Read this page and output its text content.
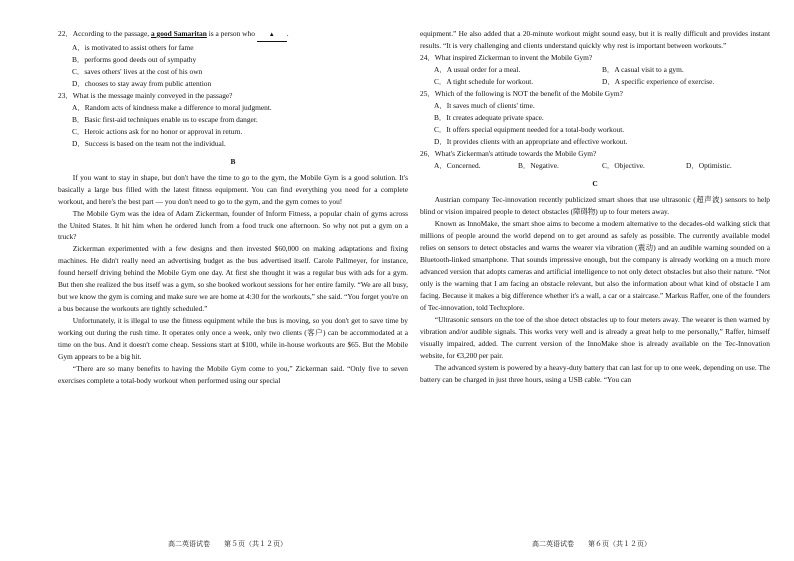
22．According to the passage, a good Samaritan is a person who ▲ .

A．is motivated to assist others for fame

B．performs good deeds out of sympathy

C．saves others' lives at the cost of his own

D．chooses to stay away from public attention

23．What is the message mainly conveyed in the passage?

A．Random acts of kindness make a difference to moral judgment.

B．Basic first-aid techniques enable us to escape from danger.

C．Heroic actions ask for no honor or approval in return.

D．Success is based on the team not the individual.

B

If you want to stay in shape, but don't have the time to go to the gym, the Mobile Gym is a good solution. It's basically a large bus filled with the latest fitness equipment. You can find everything you need for a complete workout, and here's the best part — you don't need to go to the gym, and the gym comes to you!

The Mobile Gym was the idea of Adam Zickerman, founder of Inform Fitness, a popular chain of gyms across the United States. It hit him when he ordered lunch from a food truck one afternoon. So why not put a gym on a truck?

Zickerman experimented with a few designs and then invested $60,000 on making adaptations and fixing machines. He didn't really need an advertising budget as the bus advertised itself. Carole Pallmeyer, for instance, found herself driving behind the Mobile Gym one day. At first she thought it was a regular bus with ads for a gym. But then she realized the bus itself was a gym, so she booked workout sessions for her entire family. “We are all busy, but we know the gym is coming and make sure we are home at 4:30 for the workouts,” she said. “You forget you're on a bus because the workouts are tightly scheduled.”

Unfortunately, it is illegal to use the fitness equipment while the bus is moving, so you don't get to save time by working out during the rush time. It operates only once a week, only two clients (客户) can be accommodated at a time on the bus. And it doesn't come cheap. Sessions start at $100, while in-house workouts are $65. But the Mobile Gym appears to be a big hit.

“There are so many benefits to having the Mobile Gym come to you,” Zickerman said. “Only five to seven exercises complete a total-body workout when performed using our special

equipment.” He also added that a 20-minute workout might sound easy, but it is really difficult and provides instant results. “It is very challenging and clients understand quickly why rest is important between workouts.”

24．What inspired Zickerman to invent the Mobile Gym?

A．A usual order for a meal.	B．A casual visit to a gym.
C．A tight schedule for workout.	D．A specific experience of exercise.

25．Which of the following is NOT the benefit of the Mobile Gym?

A．It saves much of clients' time.

B．It creates adequate private space.

C．It offers special equipment needed for a total-body workout.

D．It provides clients with an appropriate and effective workout.

26．What's Zickerman's attitude towards the Mobile Gym?

A．Concerned.	B．Negative.	C．Objective.	D．Optimistic.

C

Austrian company Tec-innovation recently publicized smart shoes that use ultrasonic (超声波) sensors to help blind or vision impaired people to detect obstacles (障碍物) up to four meters away.

Known as InnoMake, the smart shoe aims to become a modern alternative to the decades-old walking stick that millions of people around the world depend on to get around as safely as possible. The currently available model relies on sensors to detect obstacles and warns the wearer via vibration (震动) and an audible warning sounded on a Bluetooth-linked smartphone. That sounds impressive enough, but the company is already working on a much more advanced version that adopts cameras and artificial intelligence to not only detect obstacles but also their nature. “Not only is the warning that I am facing an obstacle relevant, but also the information about what kind of obstacle I am facing. Because it makes a big difference whether it's a wall, a car or a staircase.” Markus Raffer, one of the founders of Tec-innovation, told Techxplore.

“Ultrasonic sensors on the toe of the shoe detect obstacles up to four meters away. The wearer is then warned by vibration and/or audible signals. This works very well and is already a great help to me personally,” Raffer, himself visually impaired, added. The current version of the InnoMake shoe is already available on the Tec-Innovation website, for €3,200 per pair.

The advanced system is powered by a heavy-duty battery that can last for up to one week, depending on use. The battery can be charged in just three hours, using a USB cable. “You can

高二英语试卷　　第５页（共１２页）	高二英语试卷　　第６页（共１２页）
